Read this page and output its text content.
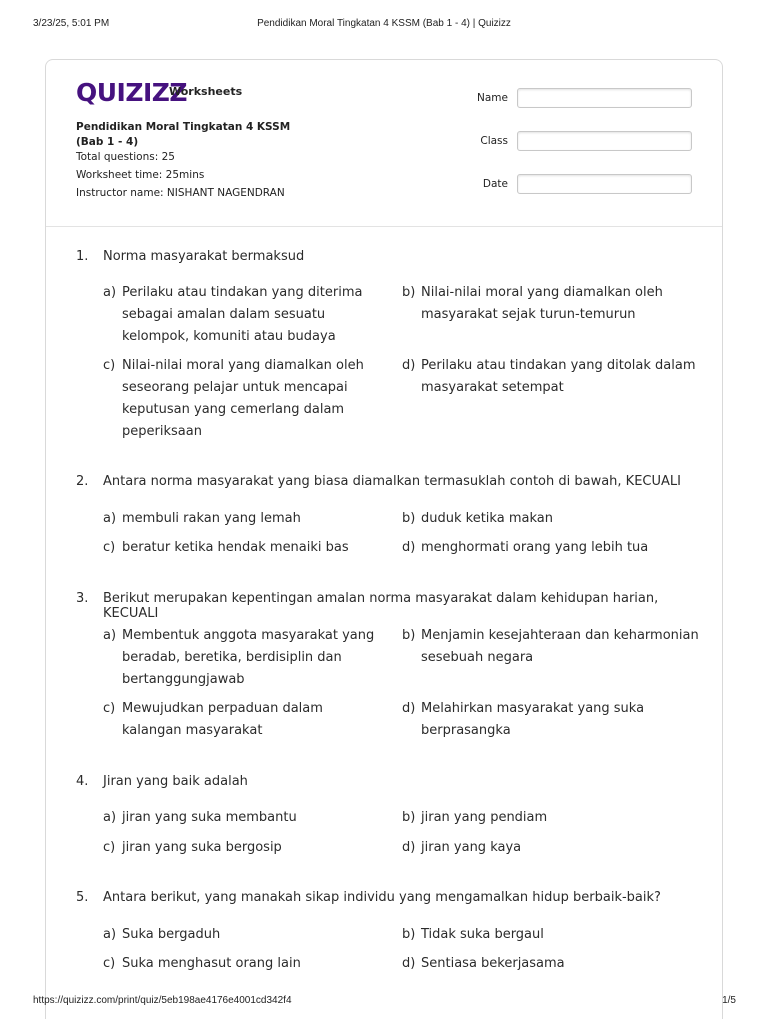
3/23/25, 5:01 PM	Pendidikan Moral Tingkatan 4 KSSM (Bab 1 - 4) | Quizizz
QUIZIZZ
Worksheets
Pendidikan Moral Tingkatan 4 KSSM (Bab 1 - 4)
Total questions: 25
Worksheet time: 25mins
Instructor name: NISHANT NAGENDRAN
Name
Class
Date
1. Norma masyarakat bermaksud
a) Perilaku atau tindakan yang diterima sebagai amalan dalam sesuatu kelompok, komuniti atau budaya
b) Nilai-nilai moral yang diamalkan oleh masyarakat sejak turun-temurun
c) Nilai-nilai moral yang diamalkan oleh seseorang pelajar untuk mencapai keputusan yang cemerlang dalam peperiksaan
d) Perilaku atau tindakan yang ditolak dalam masyarakat setempat
2. Antara norma masyarakat yang biasa diamalkan termasuklah contoh di bawah, KECUALI
a) membuli rakan yang lemah	b) duduk ketika makan
c) beratur ketika hendak menaiki bas	d) menghormati orang yang lebih tua
3. Berikut merupakan kepentingan amalan norma masyarakat dalam kehidupan harian, KECUALI
a) Membentuk anggota masyarakat yang beradab, beretika, berdisiplin dan bertanggungjawab
b) Menjamin kesejahteraan dan keharmonian sesebuah negara
c) Mewujudkan perpaduan dalam kalangan masyarakat
d) Melahirkan masyarakat yang suka berprasangka
4. Jiran yang baik adalah
a) jiran yang suka membantu	b) jiran yang pendiam
c) jiran yang suka bergosip	d) jiran yang kaya
5. Antara berikut, yang manakah sikap individu yang mengamalkan hidup berbaik-baik?
a) Suka bergaduh	b) Tidak suka bergaul
c) Suka menghasut orang lain	d) Sentiasa bekerjasama
https://quizizz.com/print/quiz/5eb198ae4176e4001cd342f4	1/5
